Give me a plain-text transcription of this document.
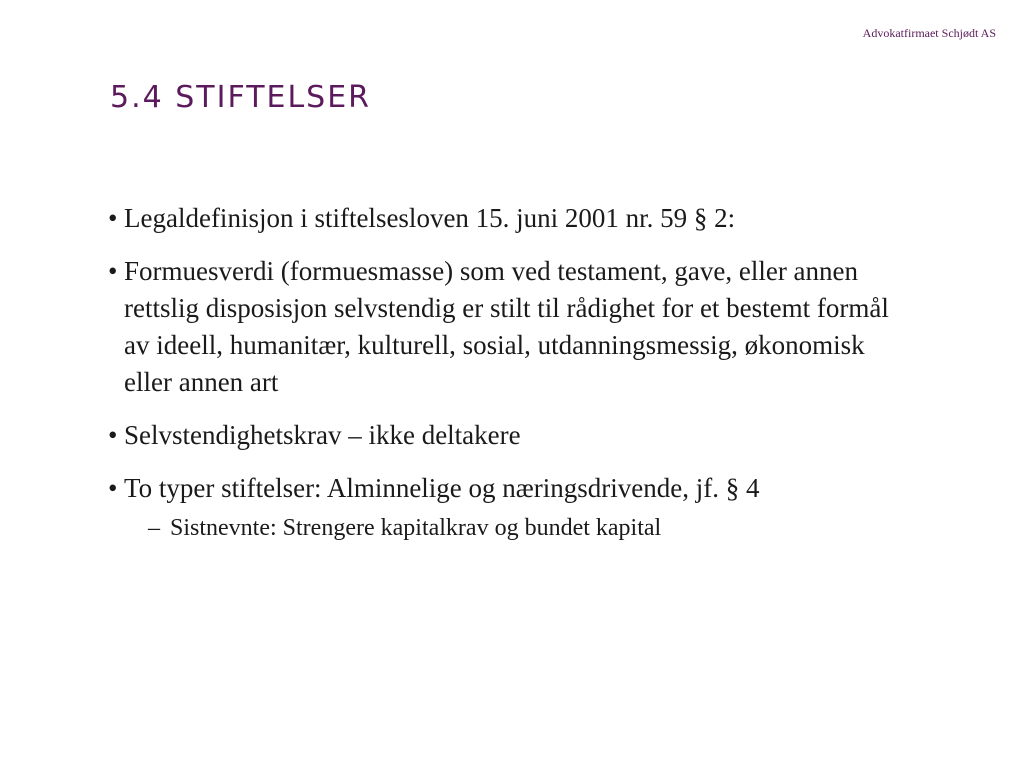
Advokatfirmaet Schjødt AS
5.4 STIFTELSER
• Legaldefinisjon i stiftelsesloven 15. juni 2001 nr. 59 § 2:
• Formuesverdi (formuesmasse) som ved testament, gave, eller annen rettslig disposisjon selvstendig er stilt til rådighet for et bestemt formål av ideell, humanitær, kulturell, sosial, utdanningsmessig, økonomisk eller annen art
• Selvstendighetskrav – ikke deltakere
• To typer stiftelser: Alminnelige og næringsdrivende, jf. § 4
– Sistnevnte: Strengere kapitalkrav og bundet kapital
